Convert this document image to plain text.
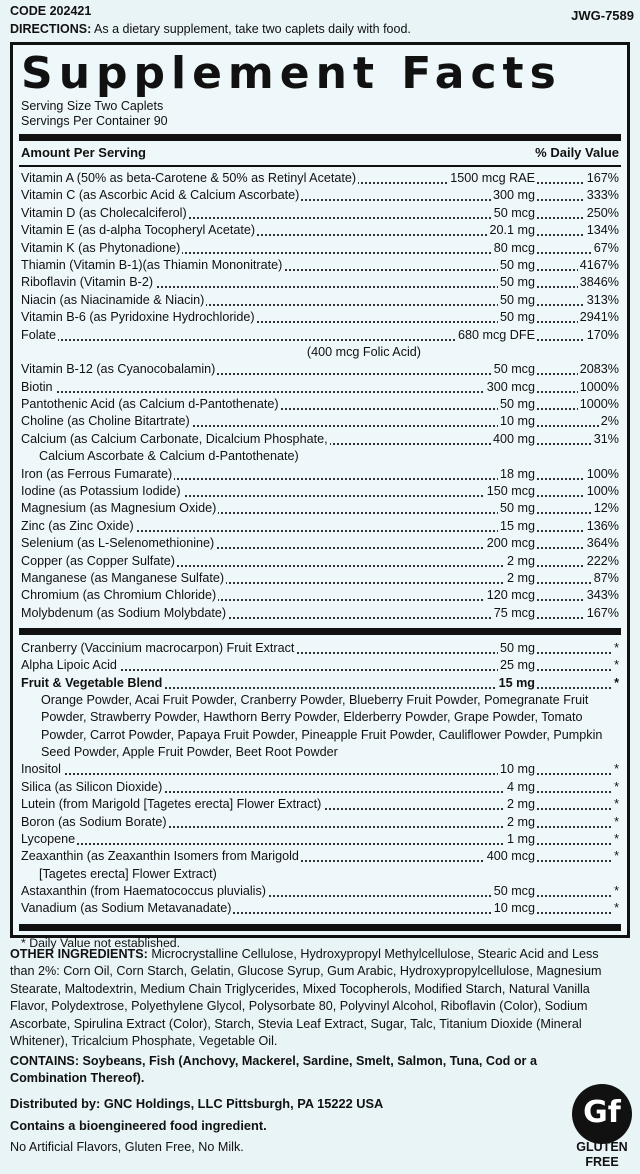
CODE 202421	JWG-7589
DIRECTIONS: As a dietary supplement, take two caplets daily with food.
Supplement Facts
Serving Size Two Caplets
Servings Per Container 90
Amount Per Serving	% Daily Value
Vitamin A (50% as beta-Carotene & 50% as Retinyl Acetate)	1500 mcg RAE	167%
Vitamin C (as Ascorbic Acid & Calcium Ascorbate)	300 mg	333%
Vitamin D (as Cholecalciferol)	50 mcg	250%
Vitamin E (as d-alpha Tocopheryl Acetate)	20.1 mg	134%
Vitamin K (as Phytonadione)	80 mcg	67%
Thiamin (Vitamin B-1)(as Thiamin Mononitrate)	50 mg	4167%
Riboflavin (Vitamin B-2)	50 mg	3846%
Niacin (as Niacinamide & Niacin)	50 mg	313%
Vitamin B-6 (as Pyridoxine Hydrochloride)	50 mg	2941%
Folate	680 mcg DFE	170%
(400 mcg Folic Acid)
Vitamin B-12 (as Cyanocobalamin)	50 mcg	2083%
Biotin	300 mcg	1000%
Pantothenic Acid (as Calcium d-Pantothenate)	50 mg	1000%
Choline (as Choline Bitartrate)	10 mg	2%
Calcium (as Calcium Carbonate, Dicalcium Phosphate,	400 mg	31%
Calcium Ascorbate & Calcium d-Pantothenate)
Iron (as Ferrous Fumarate)	18 mg	100%
Iodine (as Potassium Iodide)	150 mcg	100%
Magnesium (as Magnesium Oxide)	50 mg	12%
Zinc (as Zinc Oxide)	15 mg	136%
Selenium (as L-Selenomethionine)	200 mcg	364%
Copper (as Copper Sulfate)	2 mg	222%
Manganese (as Manganese Sulfate)	2 mg	87%
Chromium (as Chromium Chloride)	120 mcg	343%
Molybdenum (as Sodium Molybdate)	75 mcg	167%
Cranberry (Vaccinium macrocarpon) Fruit Extract	50 mg	*
Alpha Lipoic Acid	25 mg	*
Fruit & Vegetable Blend	15 mg	*
Orange Powder, Acai Fruit Powder, Cranberry Powder, Blueberry Fruit Powder, Pomegranate Fruit Powder, Strawberry Powder, Hawthorn Berry Powder, Elderberry Powder, Grape Powder, Tomato Powder, Carrot Powder, Papaya Fruit Powder, Pineapple Fruit Powder, Cauliflower Powder, Pumpkin Seed Powder, Apple Fruit Powder, Beet Root Powder
Inositol	10 mg	*
Silica (as Silicon Dioxide)	4 mg	*
Lutein (from Marigold [Tagetes erecta] Flower Extract)	2 mg	*
Boron (as Sodium Borate)	2 mg	*
Lycopene	1 mg	*
Zeaxanthin (as Zeaxanthin Isomers from Marigold	400 mcg	*
[Tagetes erecta] Flower Extract)
Astaxanthin (from Haematococcus pluvialis)	50 mcg	*
Vanadium (as Sodium Metavanadate)	10 mcg	*
* Daily Value not established.
OTHER INGREDIENTS: Microcrystalline Cellulose, Hydroxypropyl Methylcellulose, Stearic Acid and Less than 2%: Corn Oil, Corn Starch, Gelatin, Glucose Syrup, Gum Arabic, Hydroxypropylcellulose, Magnesium Stearate, Maltodextrin, Medium Chain Triglycerides, Mixed Tocopherols, Modified Starch, Natural Vanilla Flavor, Polydextrose, Polyethylene Glycol, Polysorbate 80, Polyvinyl Alcohol, Riboflavin (Color), Sodium Ascorbate, Spirulina Extract (Color), Starch, Stevia Leaf Extract, Sugar, Talc, Titanium Dioxide (Mineral Whitener), Tricalcium Phosphate, Vegetable Oil.
CONTAINS: Soybeans, Fish (Anchovy, Mackerel, Sardine, Smelt, Salmon, Tuna, Cod or a Combination Thereof).
Distributed by: GNC Holdings, LLC Pittsburgh, PA 15222 USA
Contains a bioengineered food ingredient.
No Artificial Flavors, Gluten Free, No Milk.
Gf
GLUTEN
FREE
